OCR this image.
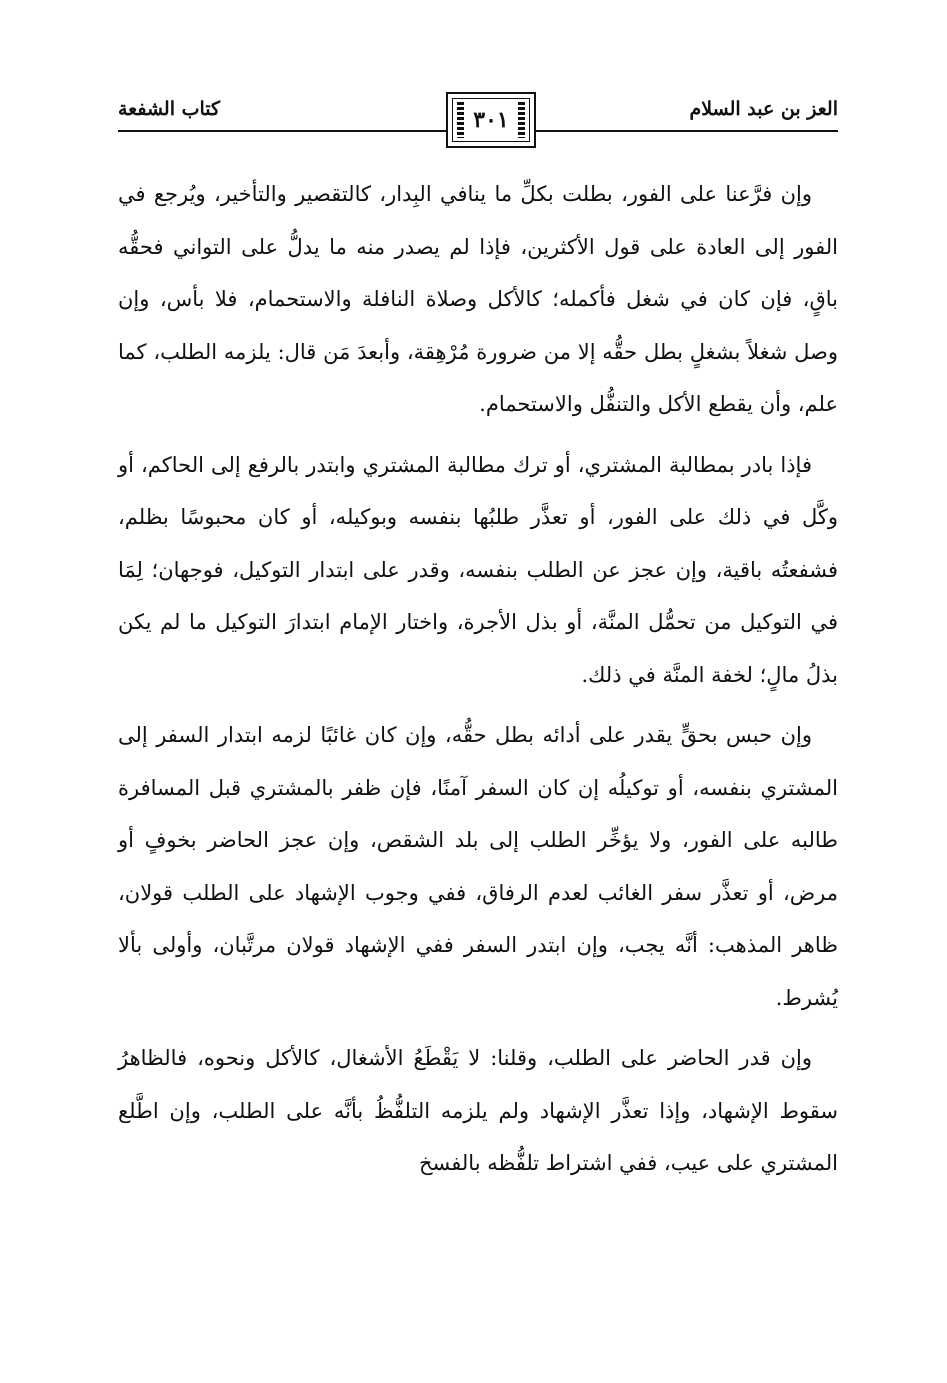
العز بن عبد السلام
كتاب الشفعة	٣٠١

وإن فرَّعنا على الفور، بطلت بكلِّ ما ينافي البِدار، كالتقصير والتأخير، ويُرجع في الفور إلى العادة على قول الأكثرين، فإذا لم يصدر منه ما يدلُّ على التواني فحقُّه باقٍ، فإن كان في شغل فأكمله؛ كالأكل وصلاة النافلة والاستحمام، فلا بأس، وإن وصل شغلاً بشغلٍ بطل حقُّه إلا من ضرورة مُرْهِقة، وأبعدَ مَن قال: يلزمه الطلب، كما علم، وأن يقطع الأكل والتنفُّل والاستحمام.

فإذا بادر بمطالبة المشتري، أو ترك مطالبة المشتري وابتدر بالرفع إلى الحاكم، أو وكَّل في ذلك على الفور، أو تعذَّر طلبُها بنفسه وبوكيله، أو كان محبوسًا بظلم، فشفعتُه باقية، وإن عجز عن الطلب بنفسه، وقدر على ابتدار التوكيل، فوجهان؛ لِمَا في التوكيل من تحمُّل المنَّة، أو بذل الأجرة، واختار الإمام ابتدارَ التوكيل ما لم يكن بذلُ مالٍ؛ لخفة المنَّة في ذلك.

وإن حبس بحقٍّ يقدر على أدائه بطل حقُّه، وإن كان غائبًا لزمه ابتدار السفر إلى المشتري بنفسه، أو توكيلُه إن كان السفر آمنًا، فإن ظفر بالمشتري قبل المسافرة طالبه على الفور، ولا يؤخِّر الطلب إلى بلد الشقص، وإن عجز الحاضر بخوفٍ أو مرض، أو تعذَّر سفر الغائب لعدم الرفاق، ففي وجوب الإشهاد على الطلب قولان، ظاهر المذهب: أنَّه يجب، وإن ابتدر السفر ففي الإشهاد قولان مرتَّبان، وأولى بألا يُشرط.

وإن قدر الحاضر على الطلب، وقلنا: لا يَقْطَعُ الأشغال، كالأكل ونحوه، فالظاهرُ سقوط الإشهاد، وإذا تعذَّر الإشهاد ولم يلزمه التلفُّظُ بأنَّه على الطلب، وإن اطَّلع المشتري على عيب، ففي اشتراط تلفُّظه بالفسخ
